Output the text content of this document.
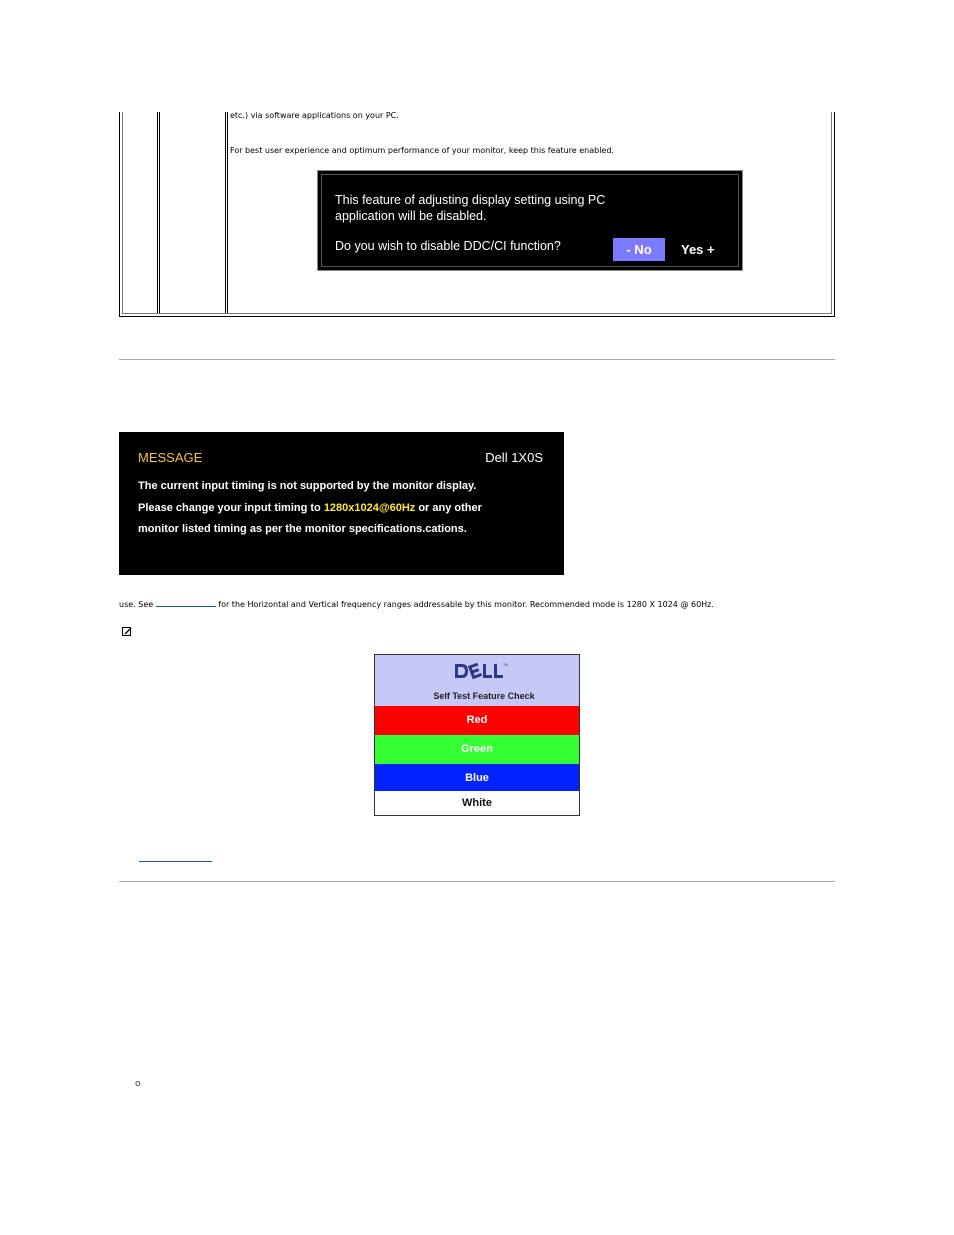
etc.) via software applications on your PC.
For best user experience and optimum performance of your monitor, keep this feature enabled.
This feature of adjusting display setting using PC application will be disabled.
Do you wish to disable DDC/CI function?	- No	Yes +
MESSAGE	Dell 1X0S
The current input timing is not supported by the monitor display.
Please change your input timing to 1280x1024@60Hz or any other
monitor listed timing as per the monitor specifications.cations.
use. See	for the Horizontal and Vertical frequency ranges addressable by this monitor. Recommended mode is 1280 X 1024 @ 60Hz.
TM
Self Test Feature Check
Red
Green
Blue
White
o
